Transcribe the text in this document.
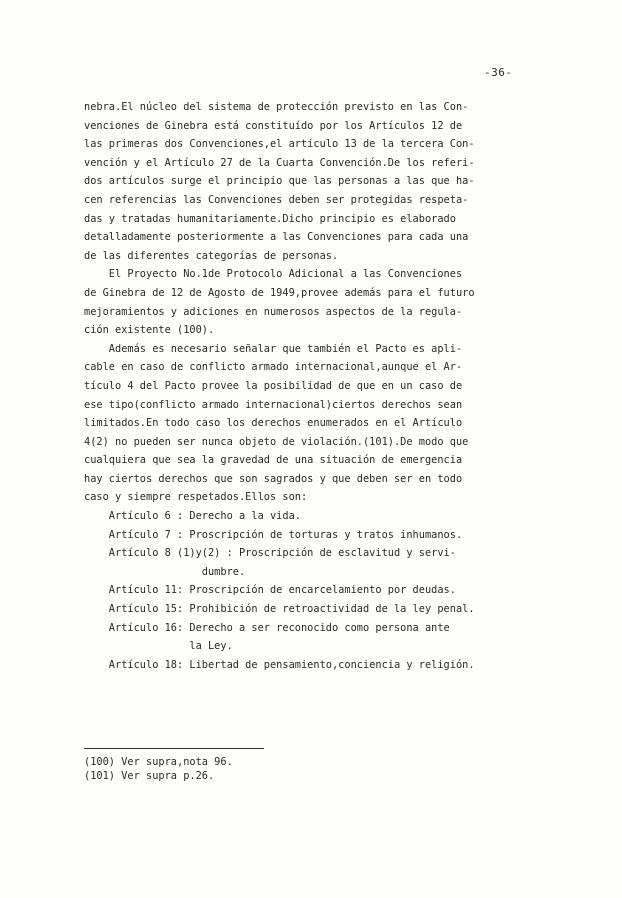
-36-
nebra.El núcleo del sistema de protección previsto en las Con-
venciones de Ginebra está constituído por los Artículos 12 de
las primeras dos Convenciones,el artículo 13 de la tercera Con-
vención y el Artículo 27 de la Cuarta Convención.De los referi-
dos artículos surge el principio que las personas a las que ha-
cen referencias las Convenciones deben ser protegidas respeta-
das y tratadas humanitariamente.Dicho principio es elaborado
detalladamente posteriormente a las Convenciones para cada una
de las diferentes categorías de personas.
El Proyecto No.1de Protocolo Adicional a las Convenciones
de Ginebra de 12 de Agosto de 1949,provee además para el futuro
mejoramientos y adiciones en numerosos aspectos de la regula-
ción existente (100).
Además es necesario señalar que también el Pacto es apli-
cable en caso de conflicto armado internacional,aunque el Ar-
tículo 4 del Pacto provee la posibilidad de que en un caso de
ese tipo(conflicto armado internacional)ciertos derechos sean
limitados.En todo caso los derechos enumerados en el Artículo
4(2) no pueden ser nunca objeto de violación.(101).De modo que
cualquiera que sea la gravedad de una situación de emergencia
hay ciertos derechos que son sagrados y que deben ser en todo
caso y siempre respetados.Ellos son:
Artículo 6 : Derecho a la vida.
Artículo 7 : Proscripción de torturas y tratos inhumanos.
Artículo 8 (1)y(2) : Proscripción de esclavitud y servi-
dumbre.
Artículo 11: Proscripción de encarcelamiento por deudas.
Artículo 15: Prohibición de retroactividad de la ley penal.
Artículo 16: Derecho a ser reconocido como persona ante
la Ley.
Artículo 18: Libertad de pensamiento,conciencia y religión.
(100) Ver supra,nota 96.
(101) Ver supra p.26.
